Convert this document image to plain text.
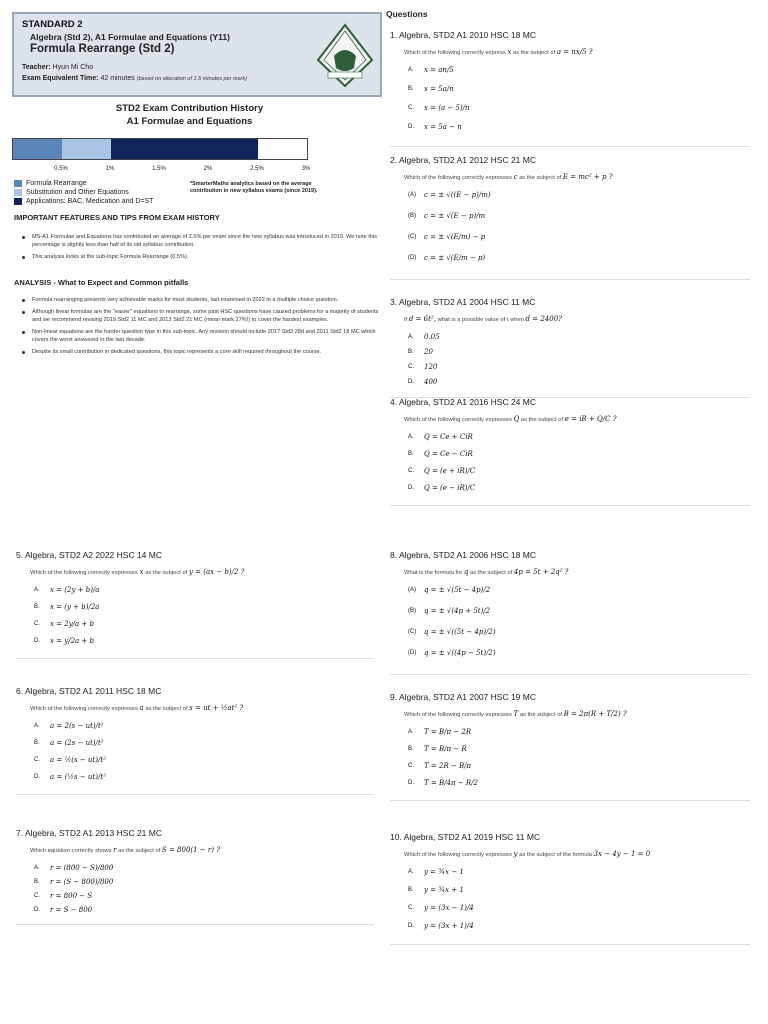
STANDARD 2
Algebra (Std 2), A1 Formulae and Equations (Y11)
Formula Rearrange (Std 2)
Teacher: Hyun Mi Cho
Exam Equivalent Time: 42 minutes (based on allocation of 1.5 minutes per mark)
STD2 Exam Contribution History
A1 Formulae and Equations
0.5%	1%	1.5%	2%	2.5%	3%
Formula Rearrange
Substitution and Other Equations
Applications: BAC, Medication and D=ST
*SmarterMaths analytics based on the average contribution in new syllabus exams (since 2019).
IMPORTANT FEATURES AND TIPS FROM EXAM HISTORY
MS-A1 Formulae and Equations has contributed an average of 2.5% per exam since the new syllabus was introduced in 2019. We note this percentage is slightly less than half of its old syllabus contribution.
This analysis looks at the sub-topic Formula Rearrange (0.5%).
ANALYSIS - What to Expect and Common pitfalls
Formula rearranging presents very achievable marks for most students, last examined in 2022 in a multiple choice question.
Although linear formulas are the "easier" equations to rearrange, some past HSC questions have caused problems for a majority of students and we recommend revising 2019 Std2 11 MC and 2013 Std2 21 MC (mean mark 27%!) to cover the hardest examples.
Non-linear equations are the harder question type in this sub-topic. Any revision should include 2017 Std2 28d and 2011 Std2 18 MC which covers the worst answered in the last decade.
Despite its small contribution in dedicated questions, this topic represents a core skill required throughout the course.
Questions
1. Algebra, STD2 A1 2010 HSC 18 MC
Which of the following correctly express x as the subject of a = nx/5 ?
A.	x = an/5
B.	x = 5a/n
C.	x = (a − 5)/n
D.	x = 5a − n
2. Algebra, STD2 A1 2012 HSC 21 MC
Which of the following correctly expresses c as the subject of E = mc² + p ?
(A)	c = ± √((E − p)/m)
(B)	c = ± √(E − p)/m
(C)	c = ± √(E/m) − p
(D)	c = ± √(E/m − p)
3. Algebra, STD2 A1 2004 HSC 11 MC
If d = 6t², what is a possible value of t when d = 2400?
A.	0.05
B.	20
C.	120
D.	400
4. Algebra, STD2 A1 2016 HSC 24 MC
Which of the following correctly expresses Q as the subject of e = iR + Q/C ?
A.	Q = Ce + CiR
B.	Q = Ce − CiR
C.	Q = (e + iR)/C
D.	Q = (e − iR)/C
5. Algebra, STD2 A2 2022 HSC 14 MC
Which of the following correctly expresses x as the subject of y = (ax − b)/2 ?
A.	x = (2y + b)/a
B.	x = (y + b)/2a
C.	x = 2y/a + b
D.	x = y/2a + b
6. Algebra, STD2 A1 2011 HSC 18 MC
Which of the following correctly expresses a as the subject of s = ut + ½at² ?
A.	a = 2(s − ut)/t²
B.	a = (2s − ut)/t²
C.	a = ½(s − ut)/t²
D.	a = (½s − ut)/t²
7. Algebra, STD2 A1 2013 HSC 21 MC
Which equation correctly shows r as the subject of S = 800(1 − r) ?
A.	r = (800 − S)/800
B.	r = (S − 800)/800
C.	r = 800 − S
D.	r = S − 800
8. Algebra, STD2 A1 2006 HSC 18 MC
What is the formula for q as the subject of 4p = 5t + 2q² ?
(A)	q = ± √(5t − 4p)/2
(B)	q = ± √(4p + 5t)/2
(C)	q = ± √((5t − 4p)/2)
(D)	q = ± √((4p − 5t)/2)
9. Algebra, STD2 A1 2007 HSC 19 MC
Which of the following correctly expresses T as the subject of B = 2π(R + T/2) ?
A.	T = B/π − 2R
B.	T = B/π − R
C.	T = 2R − B/π
D.	T = B/4π − R/2
10. Algebra, STD2 A1 2019 HSC 11 MC
Which of the following correctly expresses y as the subject of the formula 3x − 4y − 1 = 0
A.	y = ¾x − 1
B.	y = ¾x + 1
C.	y = (3x − 1)/4
D.	y = (3x + 1)/4
